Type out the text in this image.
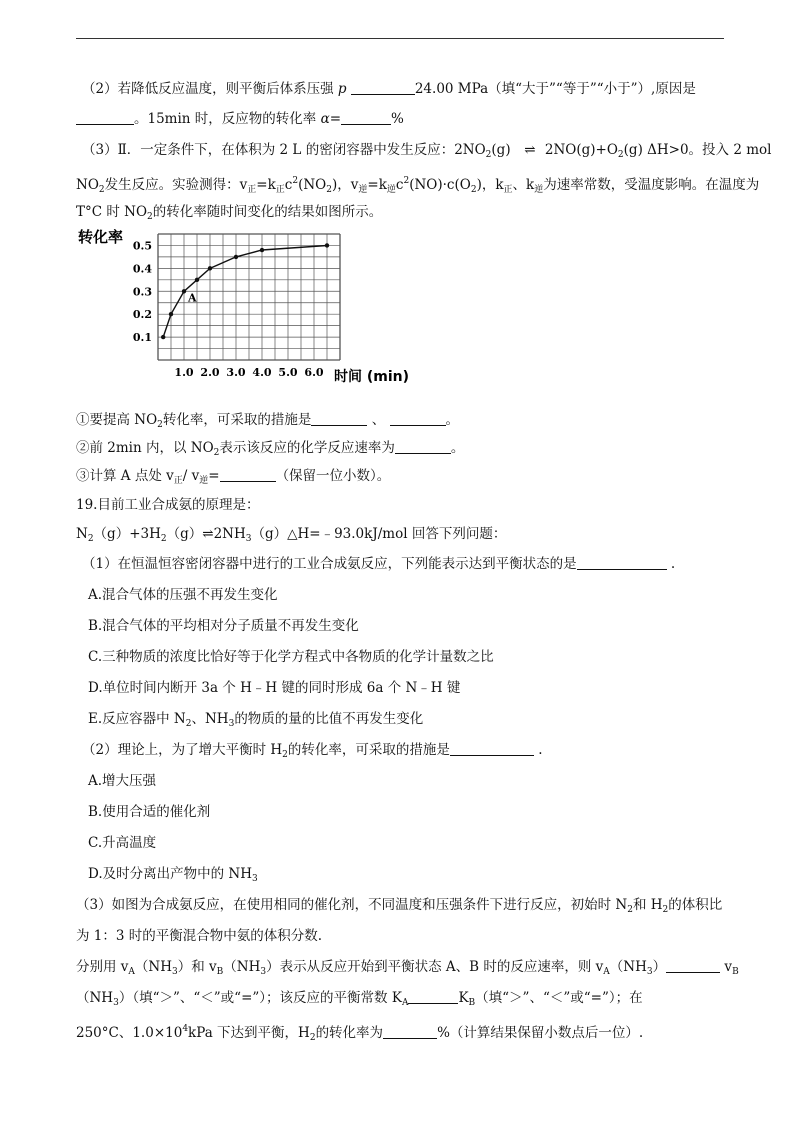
（2）若降低反应温度，则平衡后体系压强 p	24.00 MPa（填“大于”“等于”“小于”）,原因是
。15min 时，反应物的转化率 α=	%
（3）Ⅱ．一定条件下，在体积为 2 L 的密闭容器中发生反应：$2NO_2(g)$ ⇌ $2NO(g)+O_2(g)$ ΔH>0。投入 2 mol
$NO_2$发生反应。实验测得：$v_正=k_正c^2(NO_2)$，$v_逆=k_逆c^2(NO)\cdot c(O_2)$，$k_正$、$k_逆$为速率常数，受温度影响。在温度为
T°C 时 $NO_2$的转化率随时间变化的结果如图所示。
转化率
0.1
0.2
0.3
0.4
0.5
1.0 2.0 3.0 4.0 5.0 6.0
A
时间 (min)
①要提高 $NO_2$转化率，可采取的措施是	、	。
②前 2min 内，以 $NO_2$表示该反应的化学反应速率为	。
③计算 A 点处 $v_正/$ $v_逆=$	（保留一位小数）。
19.目前工业合成氨的原理是：
$N_2(g)+3H_2(g)\rightleftharpoons 2NH_3(g)\triangle H=﹣93.0kJ$/mol 回答下列问题：
（1）在恒温恒容密闭容器中进行的工业合成氨反应，下列能表示达到平衡状态的是	.
A.混合气体的压强不再发生变化
B.混合气体的平均相对分子质量不再发生变化
C.三种物质的浓度比恰好等于化学方程式中各物质的化学计量数之比
D.单位时间内断开 3a 个 H﹣H 键的同时形成 6a 个 N﹣H 键
E.反应容器中 $N_2$、$NH_3$的物质的量的比值不再发生变化
（2）理论上，为了增大平衡时 $H_2$的转化率，可采取的措施是	.
A.增大压强
B.使用合适的催化剂
C.升高温度
D.及时分离出产物中的 $NH_3$
（3）如图为合成氨反应，在使用相同的催化剂，不同温度和压强条件下进行反应，初始时 $N_2$和 $H_2$的体积比
为 1：3 时的平衡混合物中氨的体积分数.
分别用 $v_A(NH_3)$和 $v_B(NH_3)$表示从反应开始到平衡状态 A、B 时的反应速率，则 $v_A(NH_3)$	$v_B$
$(NH_3)$（填“＞”、“＜”或“=”）；该反应的平衡常数 $K_A$	$K_B$（填“＞”、“＜”或“=”）；在
250°C、$1.0\times 10^4kPa$ 下达到平衡，$H_2$的转化率为	%（计算结果保留小数点后一位）.
